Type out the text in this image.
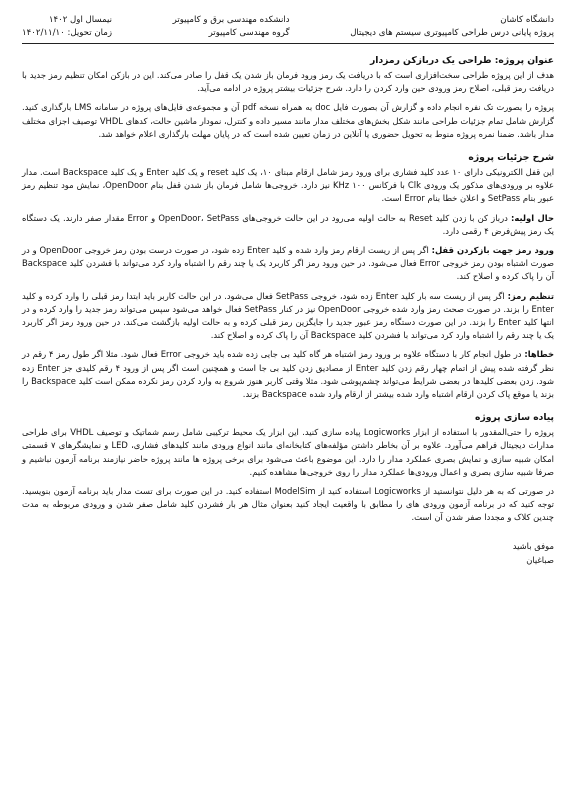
دانشگاه کاشان
پروژه پایانی درس طراحی کامپیوتری سیستم های دیجیتال
دانشکده مهندسی برق و کامپیوتر
گروه مهندسی کامپیوتر
نیمسال اول ۱۴۰۲
زمان تحویل: ۱۴۰۲/۱۱/۱۰
عنوان پروژه: طراحی یک دربازکن رمزدار

هدف از این پروژه طراحی سخت‌افزاری است که با دریافت یک رمز ورود فرمان باز شدن یک قفل را صادر می‌کند. این در بازکن امکان تنظیم رمز جدید با دریافت رمز قبلی، اصلاح رمز ورودی حین وارد کردن را دارد. شرح جزئیات بیشتر پروژه در ادامه می‌آید.

پروژه را بصورت تک نفره انجام داده و گزارش آن بصورت فایل doc به همراه نسخه pdf آن و مجموعه‌ی فایل‌های پروژه در سامانه LMS بارگذاری کنید. گزارش شامل تمام جزئیات طراحی مانند شکل بخش‌های مختلف مدار مانند مسیر داده و کنترل، نمودار ماشین حالت، کدهای VHDL توصیف اجزای مختلف مدار باشد. ضمنا نمره پروژه منوط به تحویل حضوری یا آنلاین در زمان تعیین شده است که در پایان مهلت بارگذاری اعلام خواهد شد.

شرح جزئیات پروژه

این قفل الکترونیکی دارای ۱۰ عدد کلید فشاری برای ورود رمز شامل ارقام مبنای ۱۰، یک کلید reset و یک کلید Enter و یک کلید Backspace است. مدار علاوه بر ورودی‌های مذکور یک ورودی Clk با فرکانس ۱۰۰ KHz نیز دارد. خروجی‌ها شامل فرمان باز شدن قفل بنام OpenDoor، نمایش مود تنظیم رمز عبور بنام SetPass و اعلان خطا بنام Error است.

حال اولیه: درباز کن با زدن کلید Reset به حالت اولیه می‌رود در این حالت خروجی‌های OpenDoor، SetPass و Error مقدار صفر دارند. یک دستگاه یک رمز پیش‌فرض ۴ رقمی دارد.

ورود رمز جهت بازکردن قفل: اگر پس از ریست ارقام رمز وارد شده و کلید Enter زده شود، در صورت درست بودن رمز خروجی OpenDoor و در صورت اشتباه بودن رمز خروجی Error فعال می‌شود. در حین ورود رمز اگر کاربرد یک یا چند رقم را اشتباه وارد کرد می‌تواند با فشردن کلید Backspace آن را پاک کرده و اصلاح کند.

تنظیم رمز: اگر پس از ریست سه بار کلید Enter زده شود، خروجی SetPass فعال می‌شود. در این حالت کاربر باید ابتدا رمز قبلی را وارد کرده و کلید Enter را بزند. در صورت صحت رمز وارد شده خروجی OpenDoor نیز در کنار SetPass فعال خواهد می‌شود سپس می‌تواند رمز جدید را وارد کرده و در انتها کلید Enter را بزند. در این صورت دستگاه رمز عبور جدید را جایگزین رمز قبلی کرده و به حالت اولیه بازگشت می‌کند. در حین ورود رمز اگر کاربرد یک یا چند رقم را اشتباه وارد کرد می‌تواند با فشردن کلید Backspace آن را پاک کرده و اصلاح کند.

خطاها: در طول انجام کار با دستگاه علاوه بر ورود رمز اشتباه هر گاه کلید بی جایی زده شده باید خروجی Error فعال شود. مثلا اگر طول رمز ۴ رقم در نظر گرفته شده پیش از اتمام چهار رقم زدن کلید Enter از مصادیق زدن کلید بی جا است و همچنین است اگر پس از ورود ۴ رقم کلیدی جز Enter زده شود. زدن بعضی کلیدها در بعضی شرایط می‌تواند چشم‌پوشی شود. مثلا وقتی کاربر هنوز شروع به وارد کردن رمز نکرده ممکن است کلید Backspace را بزند یا موقع پاک کردن ارقام اشتباه وارد شده بیشتر از ارقام وارد شده Backspace بزند.

پیاده سازی پروژه

پروژه را حتی‌المقدور با استفاده از ابزار Logicworks پیاده سازی کنید. این ابزار یک محیط ترکیبی شامل رسم شماتیک و توصیف VHDL برای طراحی مدارات دیجیتال فراهم می‌آورد. علاوه بر آن بخاطر داشتن مؤلفه‌های کتابخانه‌ای مانند انواع ورودی مانند کلیدهای فشاری، LED و نمایشگرهای ۷ قسمتی امکان شبیه سازی و نمایش بصری عملکرد مدار را دارد. این موضوع باعث می‌شود برای برخی پروژه ها مانند پروژه حاضر نیازمند برنامه آزمون نباشیم و صرفا شبیه سازی بصری و اعمال ورودی‌ها عملکرد مدار را روی خروجی‌ها مشاهده کنیم.

در صورتی که به هر دلیل نتوانستید از Logicworks استفاده کنید از ModelSim استفاده کنید. در این صورت برای تست مدار باید برنامه آزمون بنویسید. توجه کنید که در برنامه آزمون ورودی های را مطابق با واقعیت ایجاد کنید بعنوان مثال هر بار فشردن کلید شامل صفر شدن و ورودی مربوطه به مدت چندین کلاک و مجددا صفر شدن آن است.

موفق باشید
صباغیان
